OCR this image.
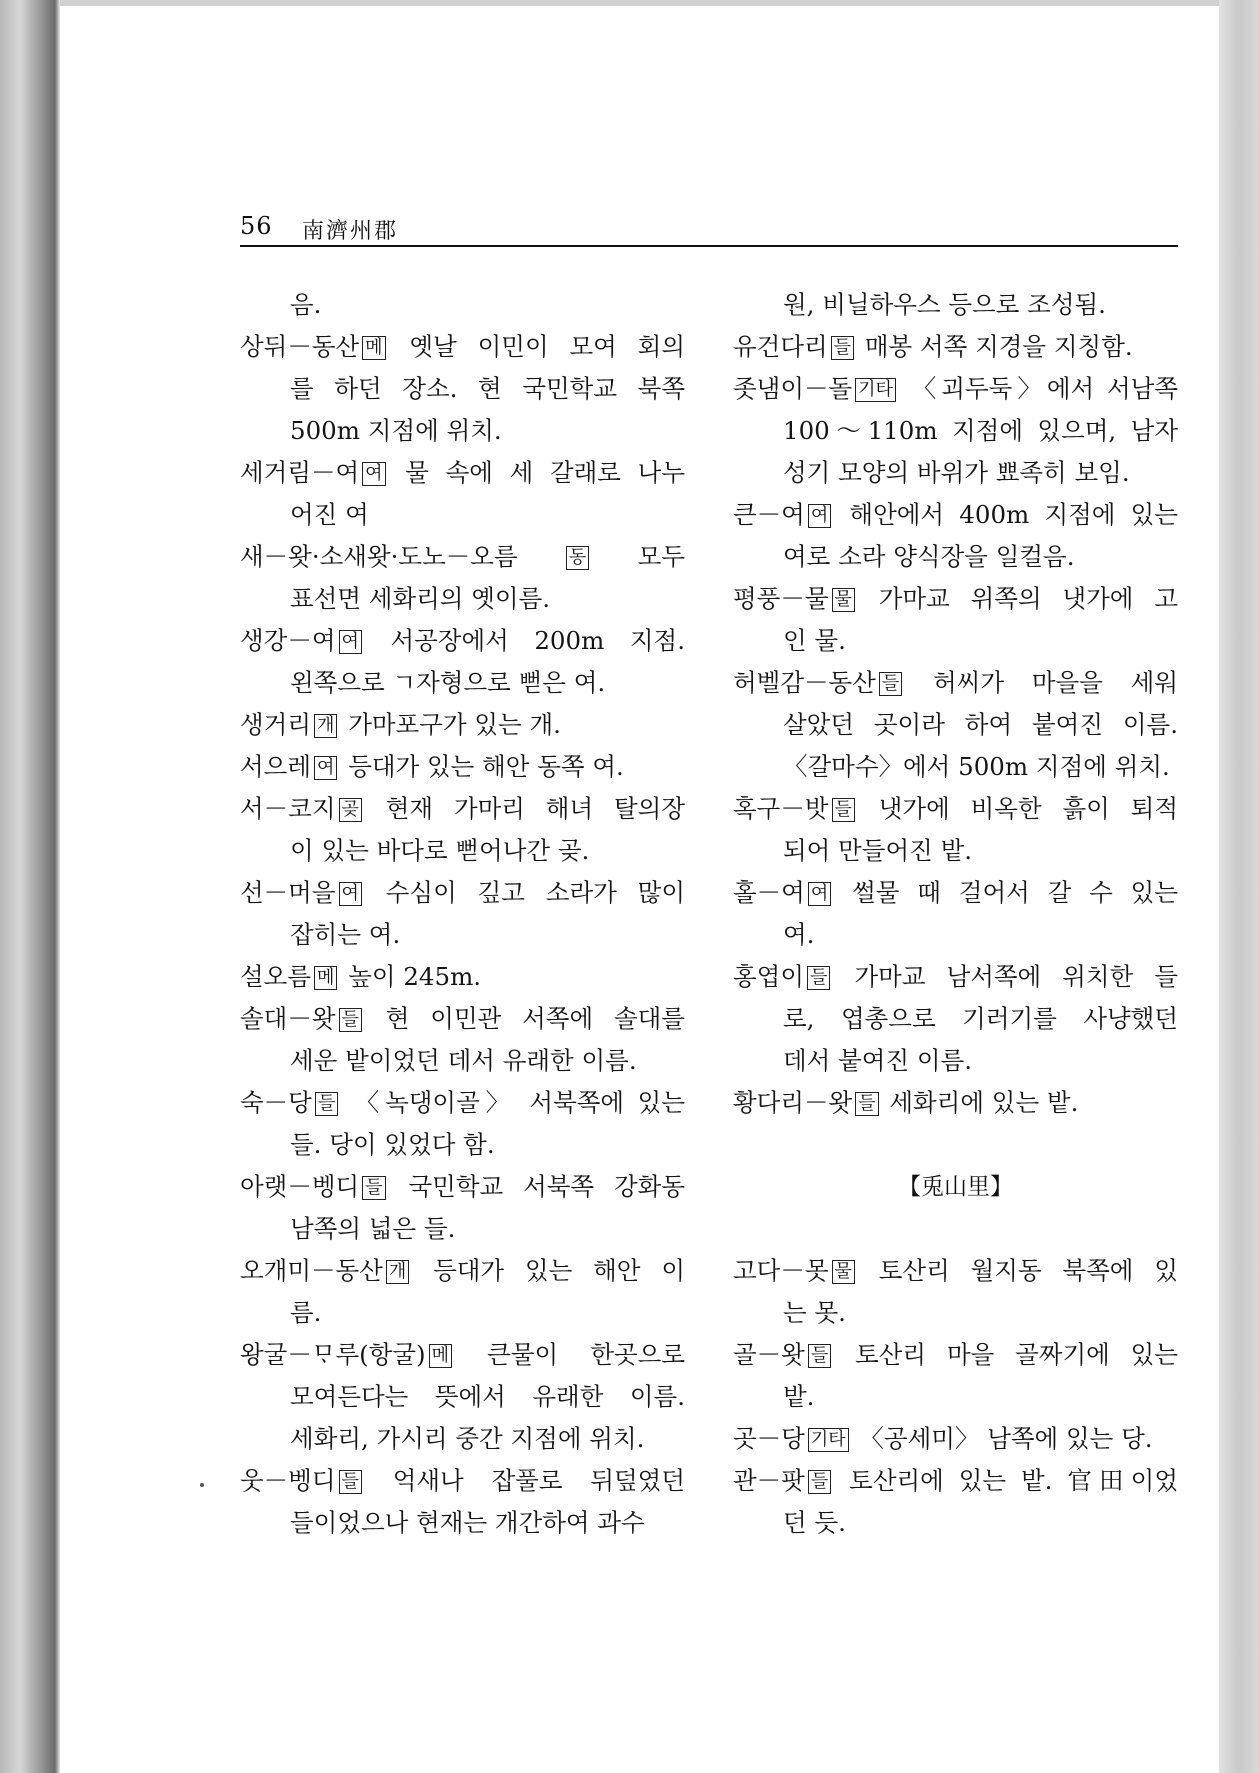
56 南濟州郡
음.
상뒤－동산 메 옛날 이민이 모여 회의
를 하던 장소. 현 국민학교 북쪽
500m 지점에 위치.
세거림－여 여 물 속에 세 갈래로 나누
어진 여
새－왓·소새왓·도노－오름 동 모두
표선면 세화리의 옛이름.
생강－여 여 서공장에서 200m 지점.
왼쪽으로 ㄱ자형으로 뻗은 여.
생거리 개 가마포구가 있는 개.
서으레 여 등대가 있는 해안 동쪽 여.
서－코지 곶 현재 가마리 해녀 탈의장
이 있는 바다로 뻗어나간 곶.
선－머을 여 수심이 깊고 소라가 많이
잡히는 여.
설오름 메 높이 245m.
솔대－왓 들 현 이민관 서쪽에 솔대를
세운 밭이었던 데서 유래한 이름.
숙－당 들 〈녹댕이골〉 서북쪽에 있는
들. 당이 있었다 함.
아랫－벵디 들 국민학교 서북쪽 강화동
남쪽의 넓은 들.
오개미－동산 개 등대가 있는 해안 이
름.
왕굴－ᄆᆞ루(항굴) 메 큰물이 한곳으로
모여든다는 뜻에서 유래한 이름.
세화리, 가시리 중간 지점에 위치.
웃－벵디 들 억새나 잡풀로 뒤덮였던
들이었으나 현재는 개간하여 과수
원, 비닐하우스 등으로 조성됨.
유건다리 들 매봉 서쪽 지경을 지칭함.
좃냄이－돌 기타 〈괴두둑〉에서 서남쪽
100～110m 지점에 있으며, 남자
성기 모양의 바위가 뾰족히 보임.
큰－여 여 해안에서 400m 지점에 있는
여로 소라 양식장을 일컬음.
평풍－물 물 가마교 위쪽의 냇가에 고
인 물.
허벨감－동산 들 허씨가 마을을 세워
살았던 곳이라 하여 붙여진 이름.
〈갈마수〉에서 500m 지점에 위치.
혹구－밧 들 냇가에 비옥한 흙이 퇴적
되어 만들어진 밭.
홀－여 여 썰물 때 걸어서 갈 수 있는
여.
홍엽이 들 가마교 남서쪽에 위치한 들
로, 엽총으로 기러기를 사냥했던
데서 붙여진 이름.
황다리－왓 들 세화리에 있는 밭.
【兎山里】
고다－못 물 토산리 월지동 북쪽에 있
는 못.
골－왓 들 토산리 마을 골짜기에 있는
밭.
곳－당 기타 〈공세미〉 남쪽에 있는 당.
관－팟 들 토산리에 있는 밭. 官田이었
던 듯.
